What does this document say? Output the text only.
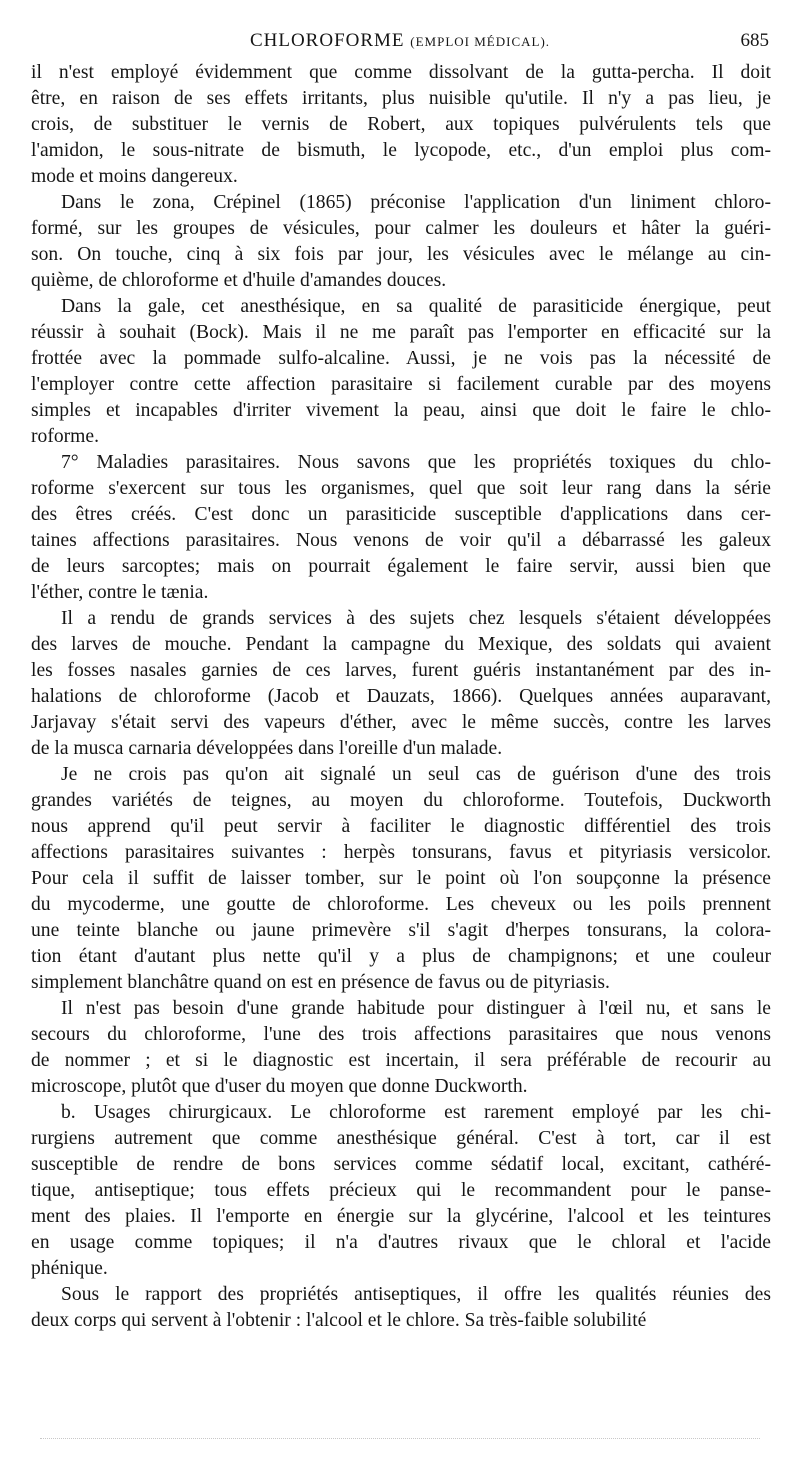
CHLOROFORME (EMPLOI MÉDICAL).	685
il n'est employé évidemment que comme dissolvant de la gutta-percha. Il doit
être, en raison de ses effets irritants, plus nuisible qu'utile. Il n'y a pas lieu, je
crois, de substituer le vernis de Robert, aux topiques pulvérulents tels que
l'amidon, le sous-nitrate de bismuth, le lycopode, etc., d'un emploi plus com-
mode et moins dangereux.
Dans le zona, Crépinel (1865) préconise l'application d'un liniment chloro-
formé, sur les groupes de vésicules, pour calmer les douleurs et hâter la guéri-
son. On touche, cinq à six fois par jour, les vésicules avec le mélange au cin-
quième, de chloroforme et d'huile d'amandes douces.
Dans la gale, cet anesthésique, en sa qualité de parasiticide énergique, peut
réussir à souhait (Bock). Mais il ne me paraît pas l'emporter en efficacité sur la
frottée avec la pommade sulfo-alcaline. Aussi, je ne vois pas la nécessité de
l'employer contre cette affection parasitaire si facilement curable par des moyens
simples et incapables d'irriter vivement la peau, ainsi que doit le faire le chlo-
roforme.
7° Maladies parasitaires. Nous savons que les propriétés toxiques du chlo-
roforme s'exercent sur tous les organismes, quel que soit leur rang dans la série
des êtres créés. C'est donc un parasiticide susceptible d'applications dans cer-
taines affections parasitaires. Nous venons de voir qu'il a débarrassé les galeux
de leurs sarcoptes; mais on pourrait également le faire servir, aussi bien que
l'éther, contre le tænia.
Il a rendu de grands services à des sujets chez lesquels s'étaient développées
des larves de mouche. Pendant la campagne du Mexique, des soldats qui avaient
les fosses nasales garnies de ces larves, furent guéris instantanément par des in-
halations de chloroforme (Jacob et Dauzats, 1866). Quelques années auparavant,
Jarjavay s'était servi des vapeurs d'éther, avec le même succès, contre les larves
de la musca carnaria développées dans l'oreille d'un malade.
Je ne crois pas qu'on ait signalé un seul cas de guérison d'une des trois
grandes variétés de teignes, au moyen du chloroforme. Toutefois, Duckworth
nous apprend qu'il peut servir à faciliter le diagnostic différentiel des trois
affections parasitaires suivantes : herpès tonsurans, favus et pityriasis versicolor.
Pour cela il suffit de laisser tomber, sur le point où l'on soupçonne la présence
du mycoderme, une goutte de chloroforme. Les cheveux ou les poils prennent
une teinte blanche ou jaune primevère s'il s'agit d'herpes tonsurans, la colora-
tion étant d'autant plus nette qu'il y a plus de champignons; et une couleur
simplement blanchâtre quand on est en présence de favus ou de pityriasis.
Il n'est pas besoin d'une grande habitude pour distinguer à l'œil nu, et sans le
secours du chloroforme, l'une des trois affections parasitaires que nous venons
de nommer ; et si le diagnostic est incertain, il sera préférable de recourir au
microscope, plutôt que d'user du moyen que donne Duckworth.
b. Usages chirurgicaux. Le chloroforme est rarement employé par les chi-
rurgiens autrement que comme anesthésique général. C'est à tort, car il est
susceptible de rendre de bons services comme sédatif local, excitant, cathéré-
tique, antiseptique; tous effets précieux qui le recommandent pour le panse-
ment des plaies. Il l'emporte en énergie sur la glycérine, l'alcool et les teintures
en usage comme topiques; il n'a d'autres rivaux que le chloral et l'acide
phénique.
Sous le rapport des propriétés antiseptiques, il offre les qualités réunies des
deux corps qui servent à l'obtenir : l'alcool et le chlore. Sa très-faible solubilité
